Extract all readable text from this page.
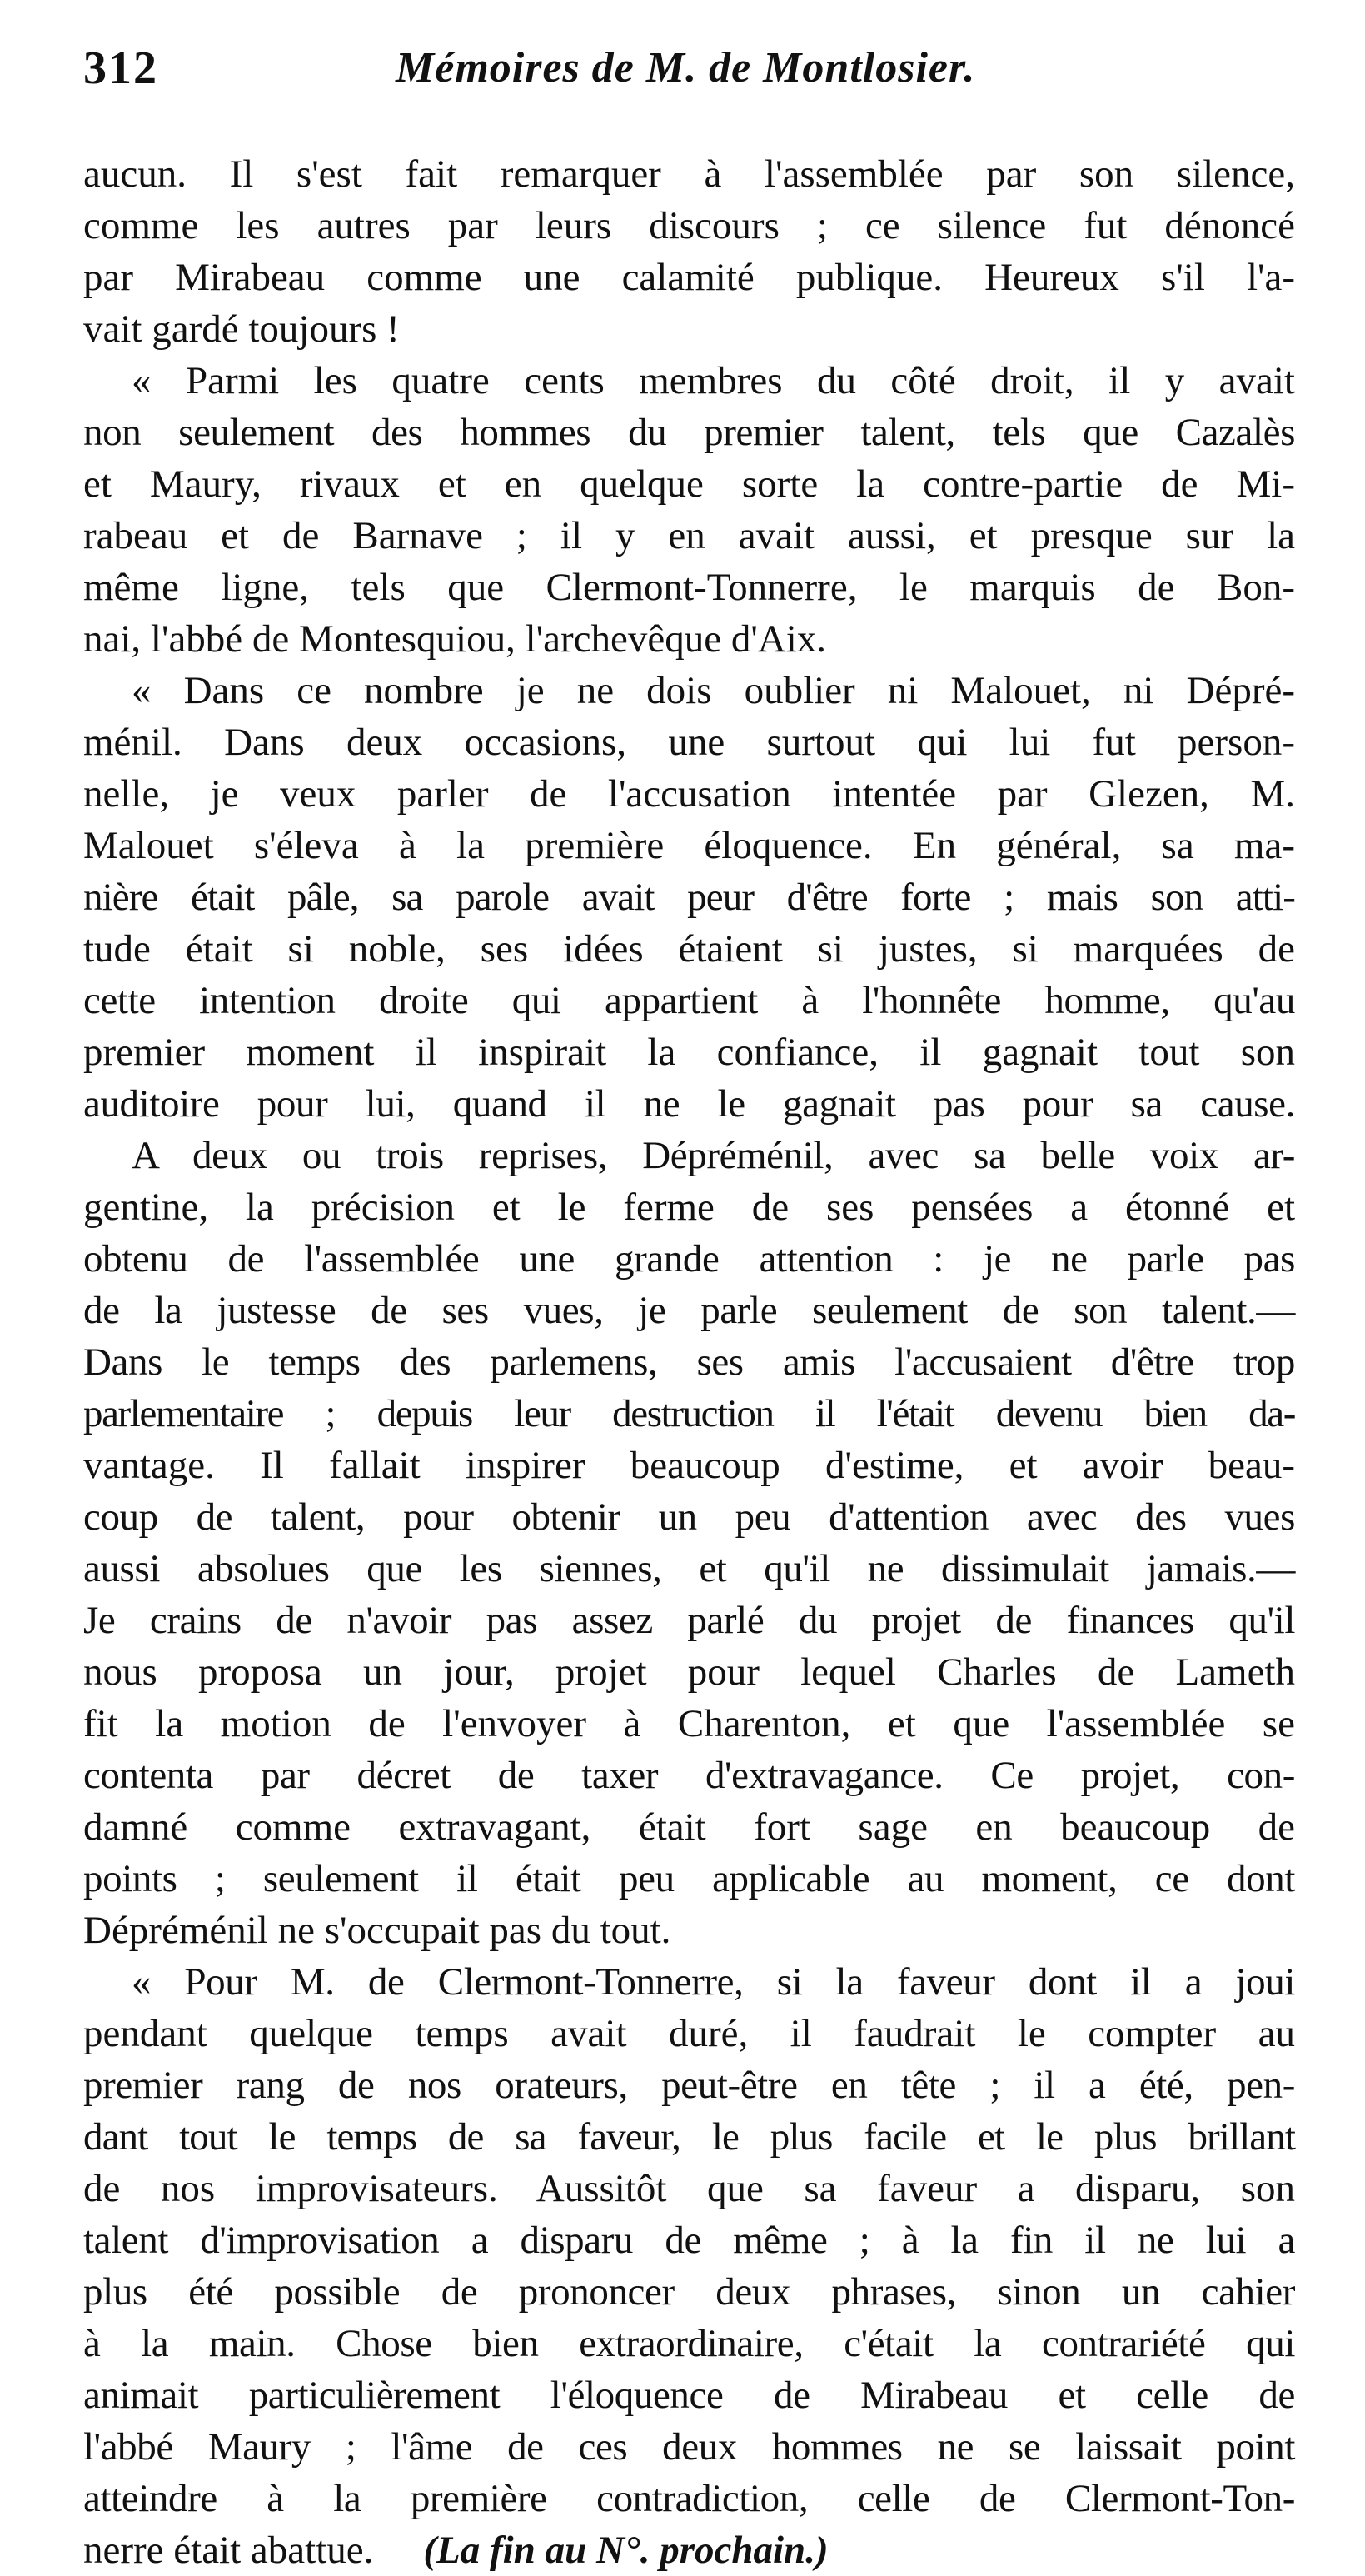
312	Mémoires de M. de Montlosier.
aucun. Il s'est fait remarquer à l'assemblée par son silence,
comme les autres par leurs discours ; ce silence fut dénoncé
par Mirabeau comme une calamité publique. Heureux s'il l'a-
vait gardé toujours !
« Parmi les quatre cents membres du côté droit, il y avait
non seulement des hommes du premier talent, tels que Cazalès
et Maury, rivaux et en quelque sorte la contre-partie de Mi-
rabeau et de Barnave ; il y en avait aussi, et presque sur la
même ligne, tels que Clermont-Tonnerre, le marquis de Bon-
nai, l'abbé de Montesquiou, l'archevêque d'Aix.
« Dans ce nombre je ne dois oublier ni Malouet, ni Dépré-
ménil. Dans deux occasions, une surtout qui lui fut person-
nelle, je veux parler de l'accusation intentée par Glezen, M.
Malouet s'éleva à la première éloquence. En général, sa ma-
nière était pâle, sa parole avait peur d'être forte ; mais son atti-
tude était si noble, ses idées étaient si justes, si marquées de
cette intention droite qui appartient à l'honnête homme, qu'au
premier moment il inspirait la confiance, il gagnait tout son
auditoire pour lui, quand il ne le gagnait pas pour sa cause.
A deux ou trois reprises, Dépréménil, avec sa belle voix ar-
gentine, la précision et le ferme de ses pensées a étonné et
obtenu de l'assemblée une grande attention : je ne parle pas
de la justesse de ses vues, je parle seulement de son talent.—
Dans le temps des parlemens, ses amis l'accusaient d'être trop
parlementaire ; depuis leur destruction il l'était devenu bien da-
vantage. Il fallait inspirer beaucoup d'estime, et avoir beau-
coup de talent, pour obtenir un peu d'attention avec des vues
aussi absolues que les siennes, et qu'il ne dissimulait jamais.—
Je crains de n'avoir pas assez parlé du projet de finances qu'il
nous proposa un jour, projet pour lequel Charles de Lameth
fit la motion de l'envoyer à Charenton, et que l'assemblée se
contenta par décret de taxer d'extravagance. Ce projet, con-
damné comme extravagant, était fort sage en beaucoup de
points ; seulement il était peu applicable au moment, ce dont
Dépréménil ne s'occupait pas du tout.
« Pour M. de Clermont-Tonnerre, si la faveur dont il a joui
pendant quelque temps avait duré, il faudrait le compter au
premier rang de nos orateurs, peut-être en tête ; il a été, pen-
dant tout le temps de sa faveur, le plus facile et le plus brillant
de nos improvisateurs. Aussitôt que sa faveur a disparu, son
talent d'improvisation a disparu de même ; à la fin il ne lui a
plus été possible de prononcer deux phrases, sinon un cahier
à la main. Chose bien extraordinaire, c'était la contrariété qui
animait particulièrement l'éloquence de Mirabeau et celle de
l'abbé Maury ; l'âme de ces deux hommes ne se laissait point
atteindre à la première contradiction, celle de Clermont-Ton-
nerre était abattue. (La fin au N°. prochain.)
